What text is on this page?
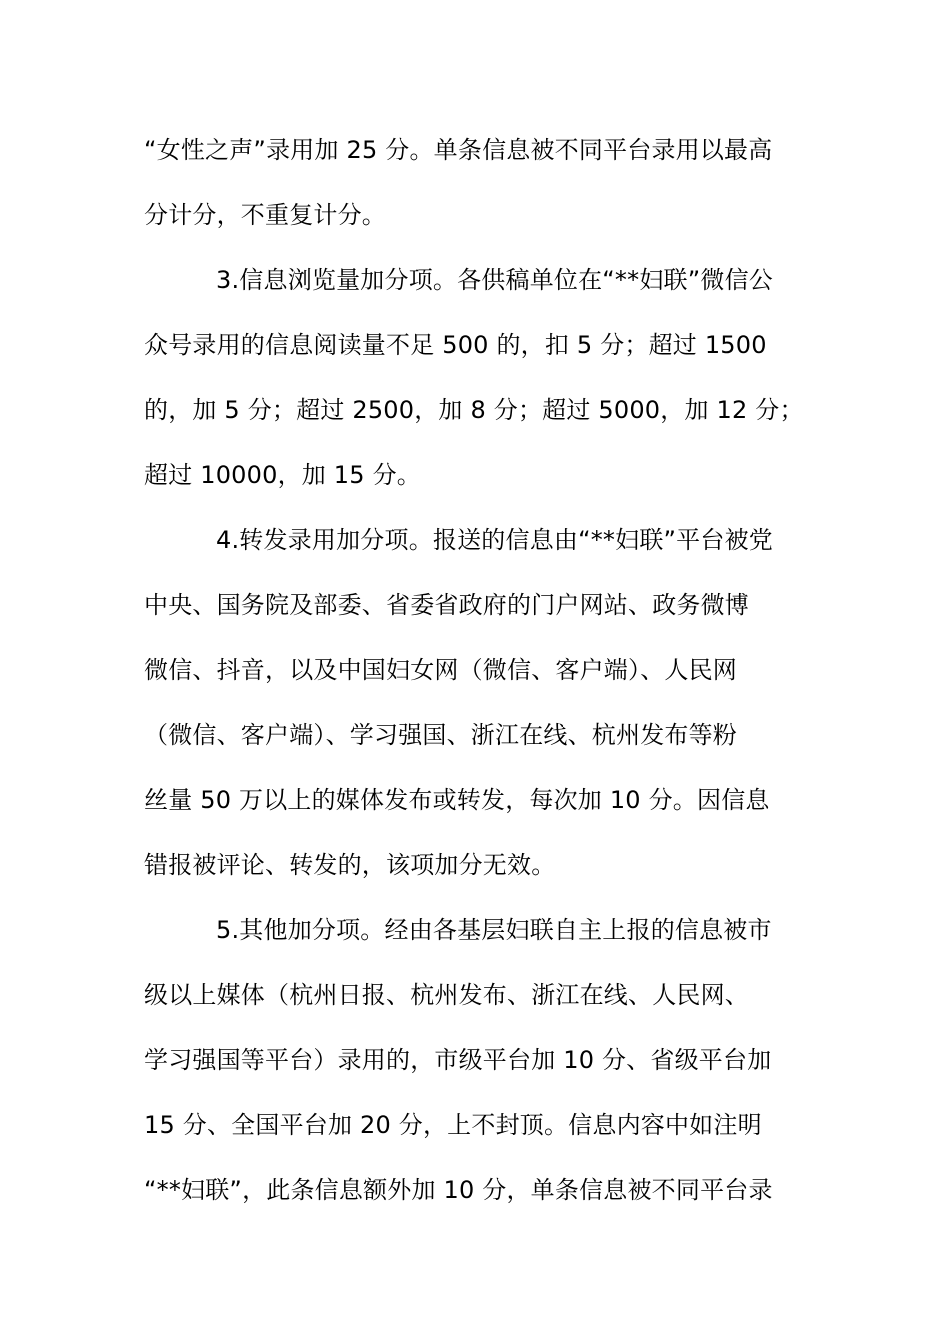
“女性之声”录用加 25 分。单条信息被不同平台录用以最高
分计分，不重复计分。
3.信息浏览量加分项。各供稿单位在“**妇联”微信公
众号录用的信息阅读量不足 500 的，扣 5 分；超过 1500
的，加 5 分；超过 2500，加 8 分；超过 5000，加 12 分；
超过 10000，加 15 分。
4.转发录用加分项。报送的信息由“**妇联”平台被党
中央、国务院及部委、省委省政府的门户网站、政务微博
微信、抖音，以及中国妇女网（微信、客户端）、人民网
（微信、客户端）、学习强国、浙江在线、杭州发布等粉
丝量 50 万以上的媒体发布或转发，每次加 10 分。因信息
错报被评论、转发的，该项加分无效。
5.其他加分项。经由各基层妇联自主上报的信息被市
级以上媒体（杭州日报、杭州发布、浙江在线、人民网、
学习强国等平台）录用的，市级平台加 10 分、省级平台加
15 分、全国平台加 20 分，上不封顶。信息内容中如注明
“**妇联”，此条信息额外加 10 分，单条信息被不同平台录
